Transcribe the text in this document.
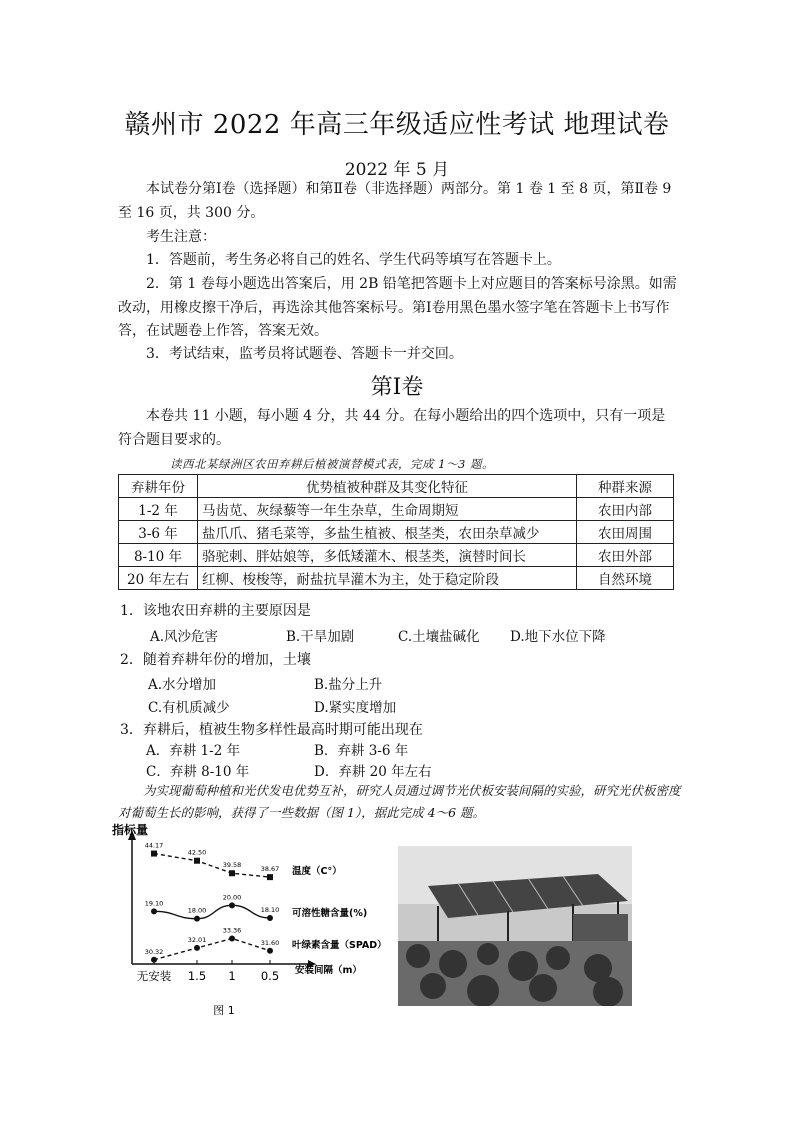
赣州市 2022 年高三年级适应性考试 地理试卷
2022 年 5 月
本试卷分第Ⅰ卷（选择题）和第Ⅱ卷（非选择题）两部分。第 1 卷 1 至 8 页，第Ⅱ卷 9 至 16 页，共 300 分。
考生注意：
1．答题前，考生务必将自己的姓名、学生代码等填写在答题卡上。
2．第 1 卷每小题选出答案后，用 2B 铅笔把答题卡上对应题目的答案标号涂黑。如需改动，用橡皮擦干净后，再选涂其他答案标号。第Ⅰ卷用黑色墨水签字笔在答题卡上书写作答，在试题卷上作答，答案无效。
3．考试结束，监考员将试题卷、答题卡一并交回。
第Ⅰ卷
本卷共 11 小题，每小题 4 分，共 44 分。在每小题给出的四个选项中，只有一项是符合题目要求的。
读西北某绿洲区农田弃耕后植被演替模式表，完成 1～3 题。
弃耕年份	优势植被种群及其变化特征	种群来源
1-2 年	马齿苋、灰绿藜等一年生杂草，生命周期短	农田内部
3-6 年	盐爪爪、猪毛菜等，多盐生植被、根茎类，农田杂草减少	农田周围
8-10 年	骆驼刺、胖姑娘等，多低矮灌木、根茎类，演替时间长	农田外部
20 年左右	红柳、梭梭等，耐盐抗旱灌木为主，处于稳定阶段	自然环境
1．该地农田弃耕的主要原因是
A.风沙危害	B.干旱加剧	C.土壤盐碱化 D.地下水位下降
2．随着弃耕年份的增加，土壤
A.水分增加	B.盐分上升
C.有机质减少	D.紧实度增加
3．弃耕后，植被生物多样性最高时期可能出现在
A．弃耕 1-2 年	B．弃耕 3-6 年
C．弃耕 8-10 年	D．弃耕 20 年左右
为实现葡萄种植和光伏发电优势互补，研究人员通过调节光伏板安装间隔的实验，研究光伏板密度对葡萄生长的影响，获得了一些数据（图 1），据此完成 4～6 题。
指标量
安装间隔（m）
无安装 1.5 1 0.5
图 1
44.17
42.50
39.58	38.67 温度（C°）
19.10
18.00
20.00
18.10 可溶性糖含量(%)
30.32
32.01
33.36
31.60 叶绿素含量（SPAD）
